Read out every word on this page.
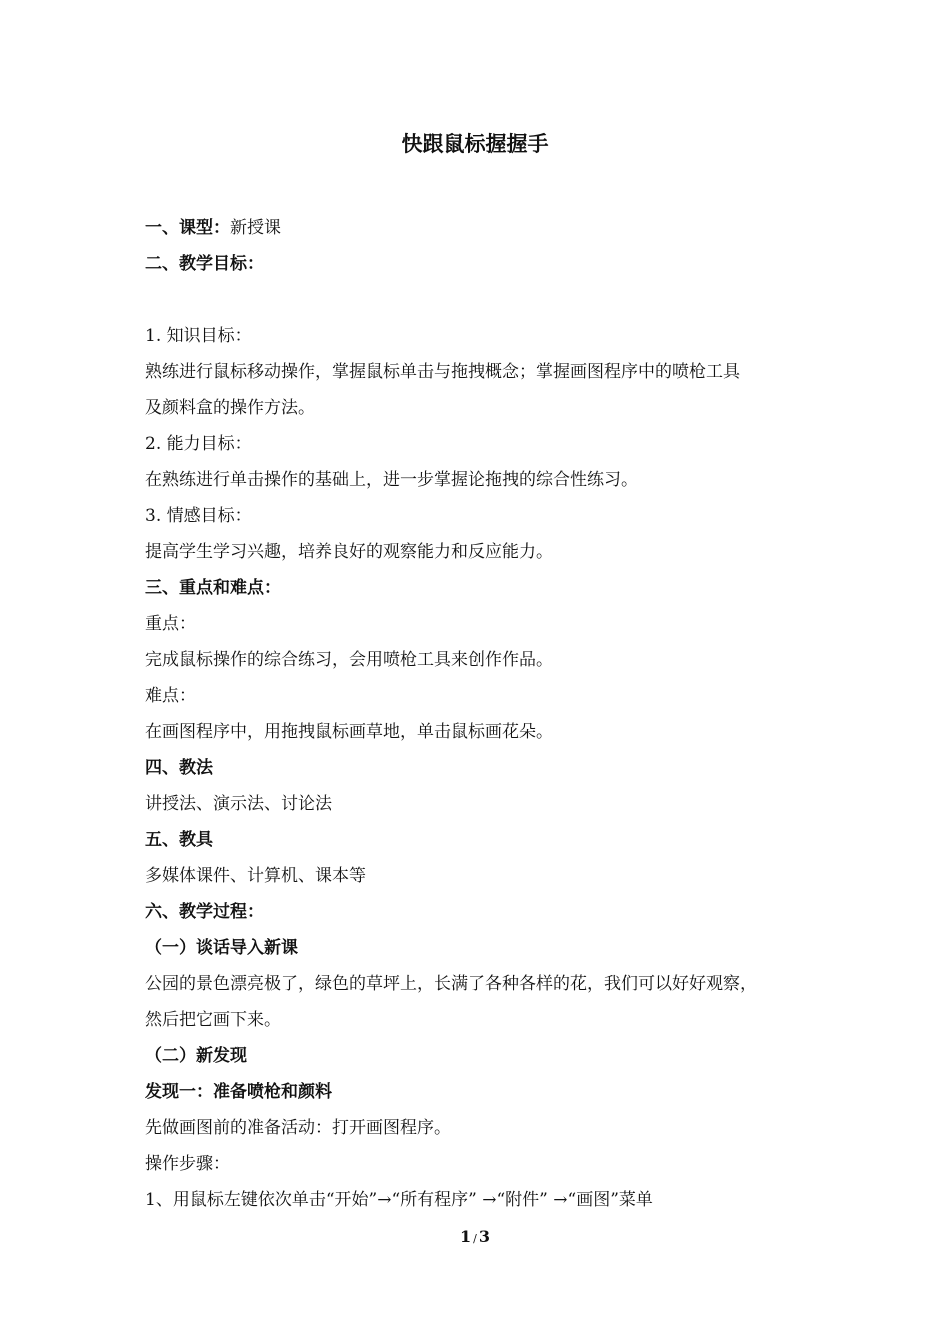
快跟鼠标握握手
一、课型：新授课
二、教学目标：
1. 知识目标：
熟练进行鼠标移动操作，掌握鼠标单击与拖拽概念；掌握画图程序中的喷枪工具
及颜料盒的操作方法。
2. 能力目标：
在熟练进行单击操作的基础上，进一步掌握论拖拽的综合性练习。
3. 情感目标：
提高学生学习兴趣，培养良好的观察能力和反应能力。
三、重点和难点：
重点：
完成鼠标操作的综合练习，会用喷枪工具来创作作品。
难点：
在画图程序中，用拖拽鼠标画草地，单击鼠标画花朵。
四、教法
讲授法、演示法、讨论法
五、教具
多媒体课件、计算机、课本等
六、教学过程：
（一）谈话导入新课
公园的景色漂亮极了，绿色的草坪上，长满了各种各样的花，我们可以好好观察，
然后把它画下来。
（二）新发现
发现一：准备喷枪和颜料
先做画图前的准备活动：打开画图程序。
操作步骤：
1、用鼠标左键依次单击“开始”→“所有程序” →“附件” →“画图”菜单
1 / 3
